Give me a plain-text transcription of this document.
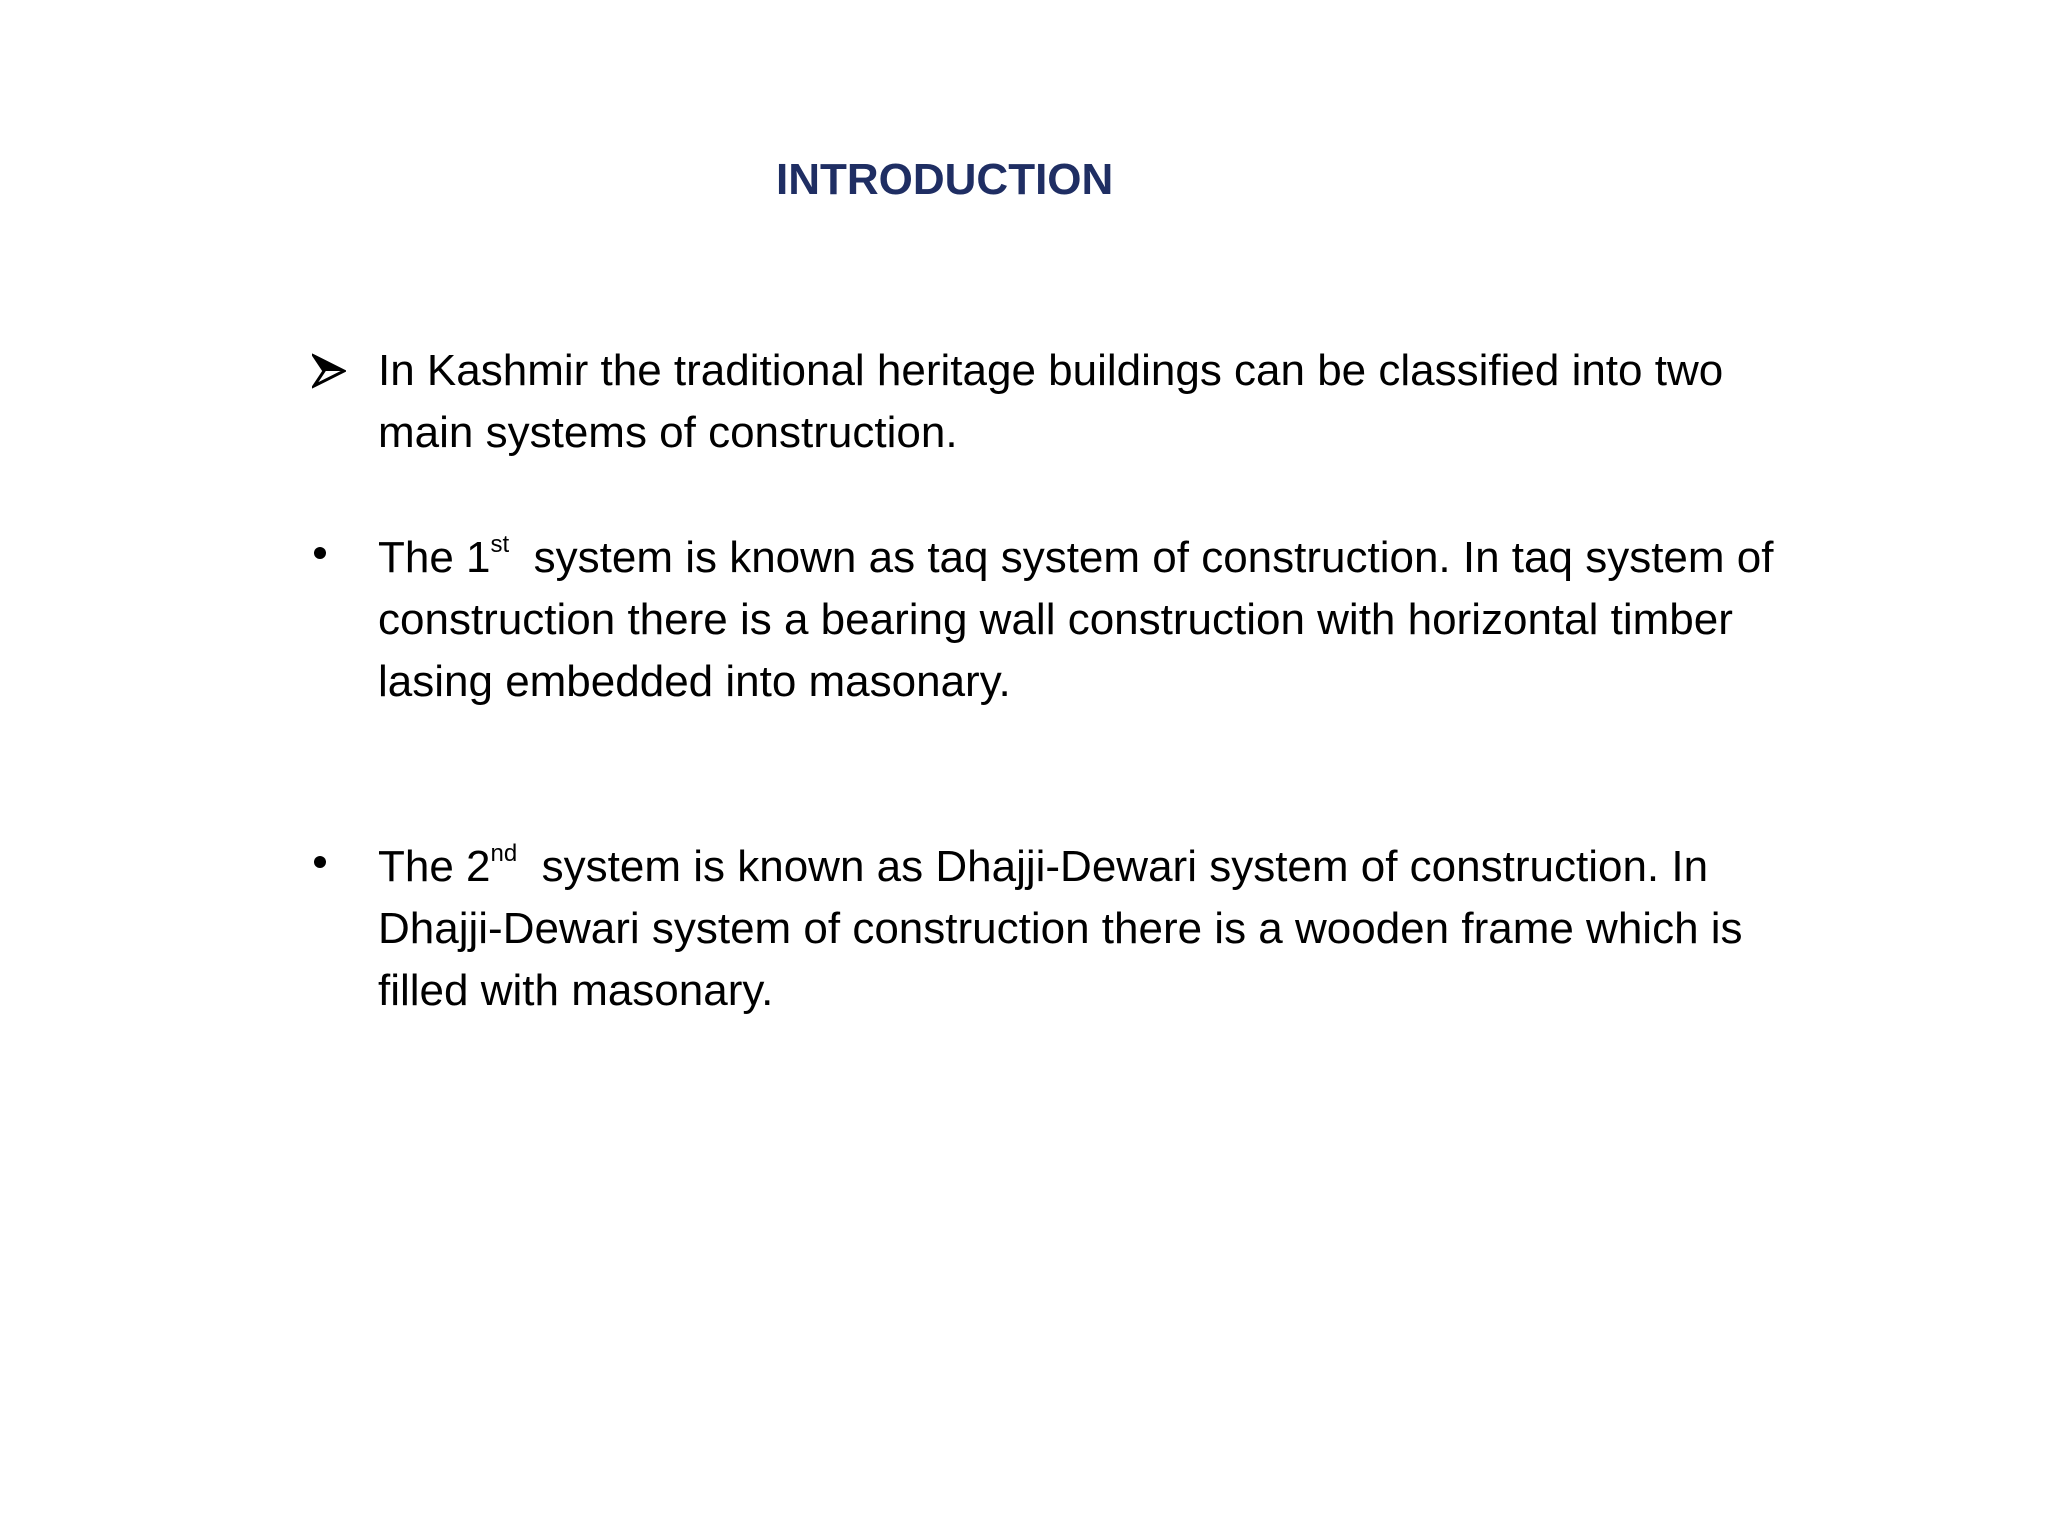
INTRODUCTION
In Kashmir the traditional heritage buildings can be classified into two main systems of construction.
The 1st  system is known as taq system of construction. In taq system of construction there is a bearing wall construction with horizontal timber lasing embedded into masonary.
The 2nd  system is known as Dhajji-Dewari system of construction. In Dhajji-Dewari system of construction there is a wooden frame which is filled with masonary.
